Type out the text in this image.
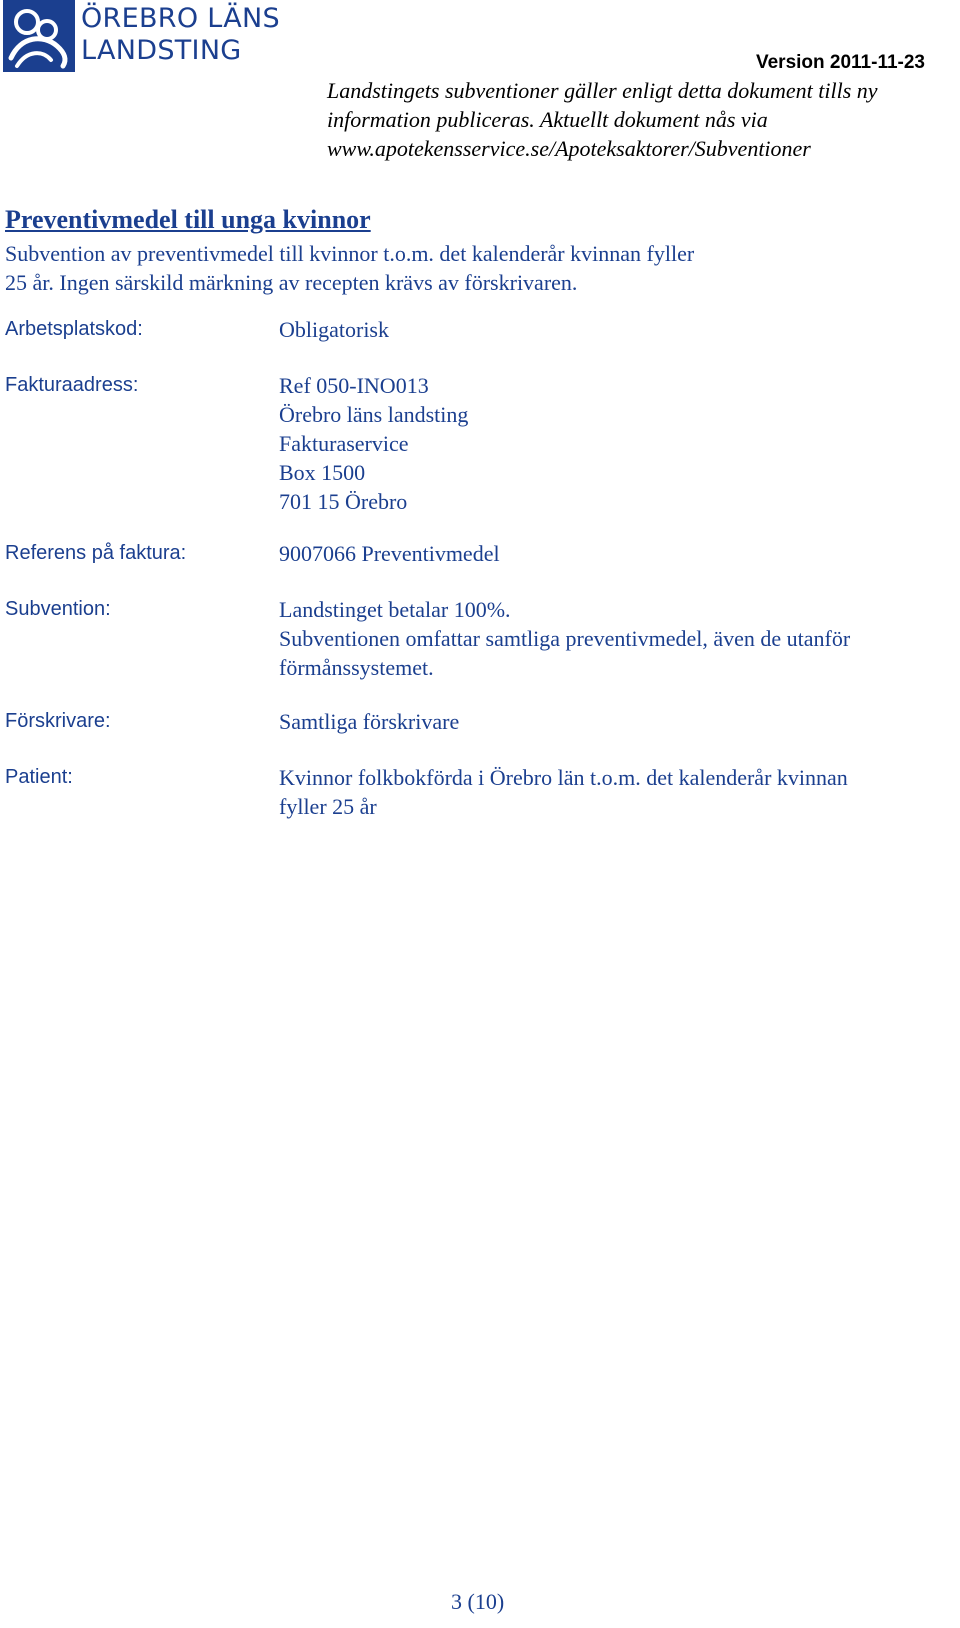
ÖREBRO LÄNS
LANDSTING	Version 2011-11-23
Landstingets subventioner gäller enligt detta dokument tills ny
information publiceras. Aktuellt dokument nås via
www.apotekensservice.se/Apoteksaktorer/Subventioner
Preventivmedel till unga kvinnor
Subvention av preventivmedel till kvinnor t.o.m. det kalenderår kvinnan fyller
25 år. Ingen särskild märkning av recepten krävs av förskrivaren.
Arbetsplatskod:	Obligatorisk
Fakturaadress:	Ref 050-INO013
Örebro läns landsting
Fakturaservice
Box 1500
701 15 Örebro
Referens på faktura:	9007066 Preventivmedel
Subvention:	Landstinget betalar 100%.
Subventionen omfattar samtliga preventivmedel, även de utanför
förmånssystemet.
Förskrivare:	Samtliga förskrivare
Patient:	Kvinnor folkbokförda i Örebro län t.o.m. det kalenderår kvinnan
fyller 25 år
3 (10)
